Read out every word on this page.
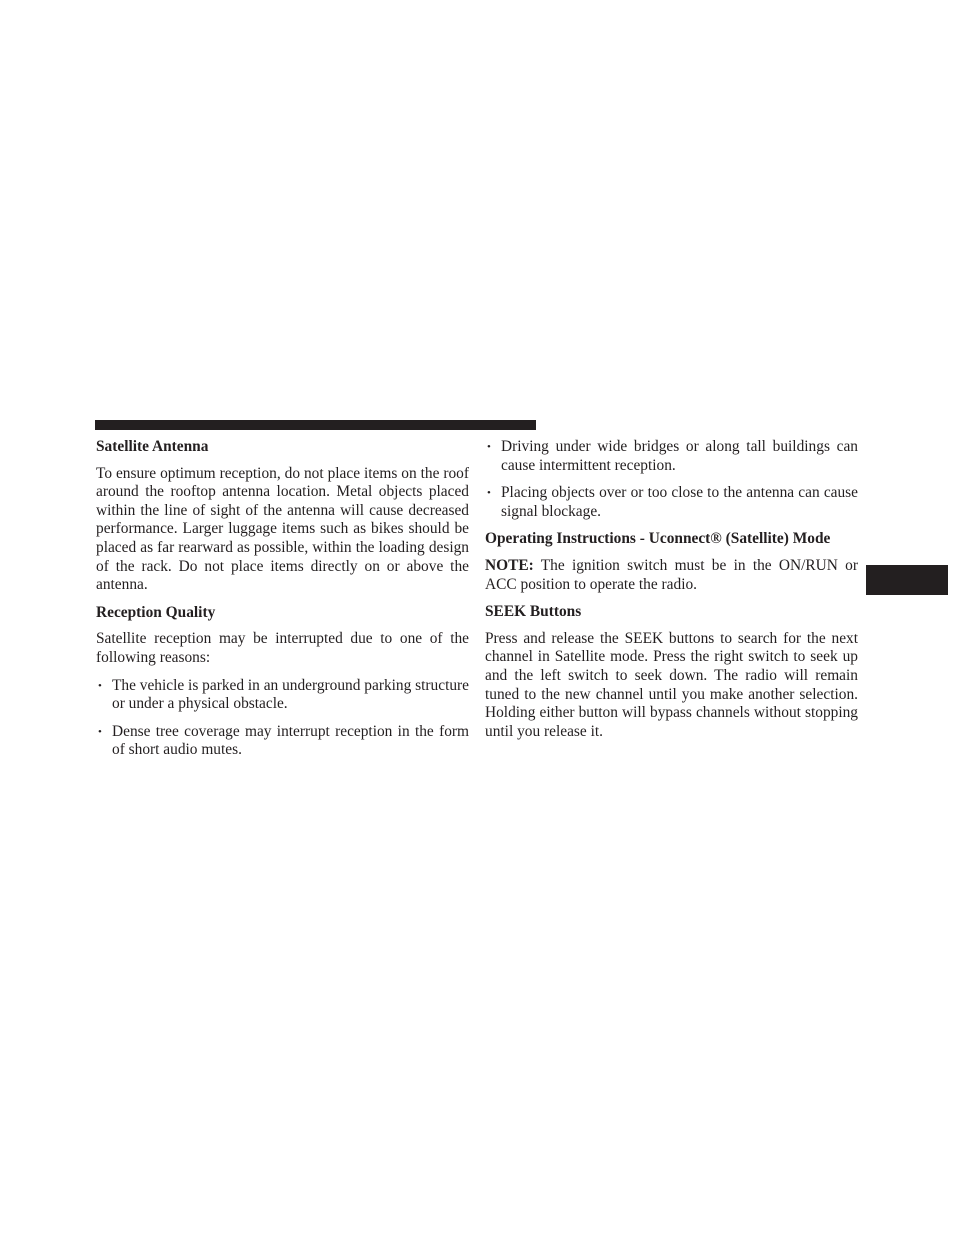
Satellite Antenna

To ensure optimum reception, do not place items on the roof around the rooftop antenna location. Metal objects placed within the line of sight of the antenna will cause decreased performance. Larger luggage items such as bikes should be placed as far rearward as possible, within the loading design of the rack. Do not place items directly on or above the antenna.

Reception Quality

Satellite reception may be interrupted due to one of the following reasons:

• The vehicle is parked in an underground parking structure or under a physical obstacle.
• Dense tree coverage may interrupt reception in the form of short audio mutes.
• Driving under wide bridges or along tall buildings can cause intermittent reception.
• Placing objects over or too close to the antenna can cause signal blockage.
Operating Instructions - Uconnect® (Satellite) Mode

NOTE: The ignition switch must be in the ON/RUN or ACC position to operate the radio.

SEEK Buttons

Press and release the SEEK buttons to search for the next channel in Satellite mode. Press the right switch to seek up and the left switch to seek down. The radio will remain tuned to the new channel until you make another selection. Holding either button will bypass channels without stopping until you release it.
